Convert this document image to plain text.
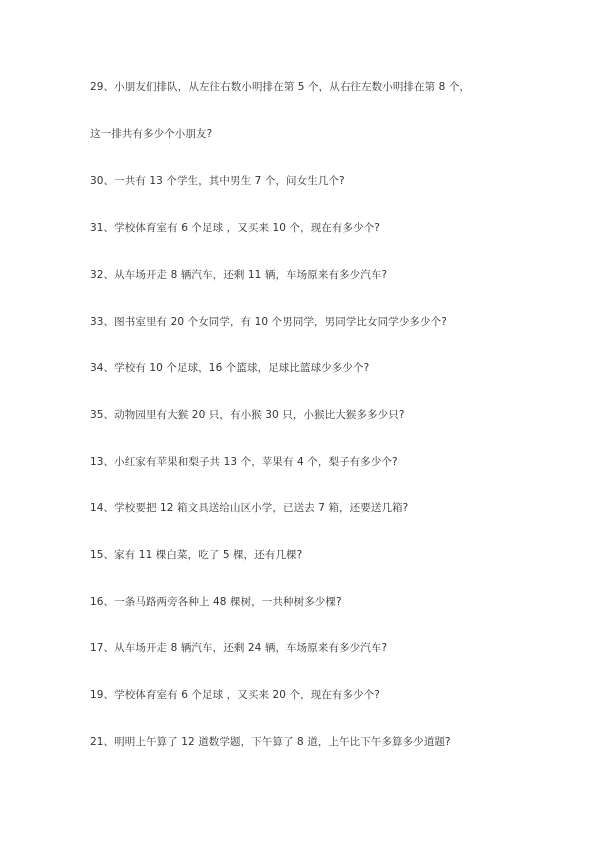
29、小朋友们排队，从左往右数小明排在第 5 个，从右往左数小明排在第 8 个，
这一排共有多少个小朋友?
30、一共有 13 个学生，其中男生 7 个，问女生几个?
31、学校体育室有 6 个足球 ，又买来 10 个，现在有多少个?
32、从车场开走 8 辆汽车，还剩 11 辆，车场原来有多少汽车?
33、图书室里有 20 个女同学，有 10 个男同学，男同学比女同学少多少个?
34、学校有 10 个足球，16 个篮球，足球比篮球少多少个?
35、动物园里有大猴 20 只，有小猴 30 只，小猴比大猴多多少只?
13、小红家有苹果和梨子共 13 个，苹果有 4 个，梨子有多少个?
14、学校要把 12 箱文具送给山区小学，已送去 7 箱，还要送几箱?
15、家有 11 棵白菜，吃了 5 棵，还有几棵?
16、一条马路两旁各种上 48 棵树，一共种树多少棵?
17、从车场开走 8 辆汽车，还剩 24 辆，车场原来有多少汽车?
19、学校体育室有 6 个足球 ，又买来 20 个，现在有多少个?
21、明明上午算了 12 道数学题，下午算了 8 道，上午比下午多算多少道题?
